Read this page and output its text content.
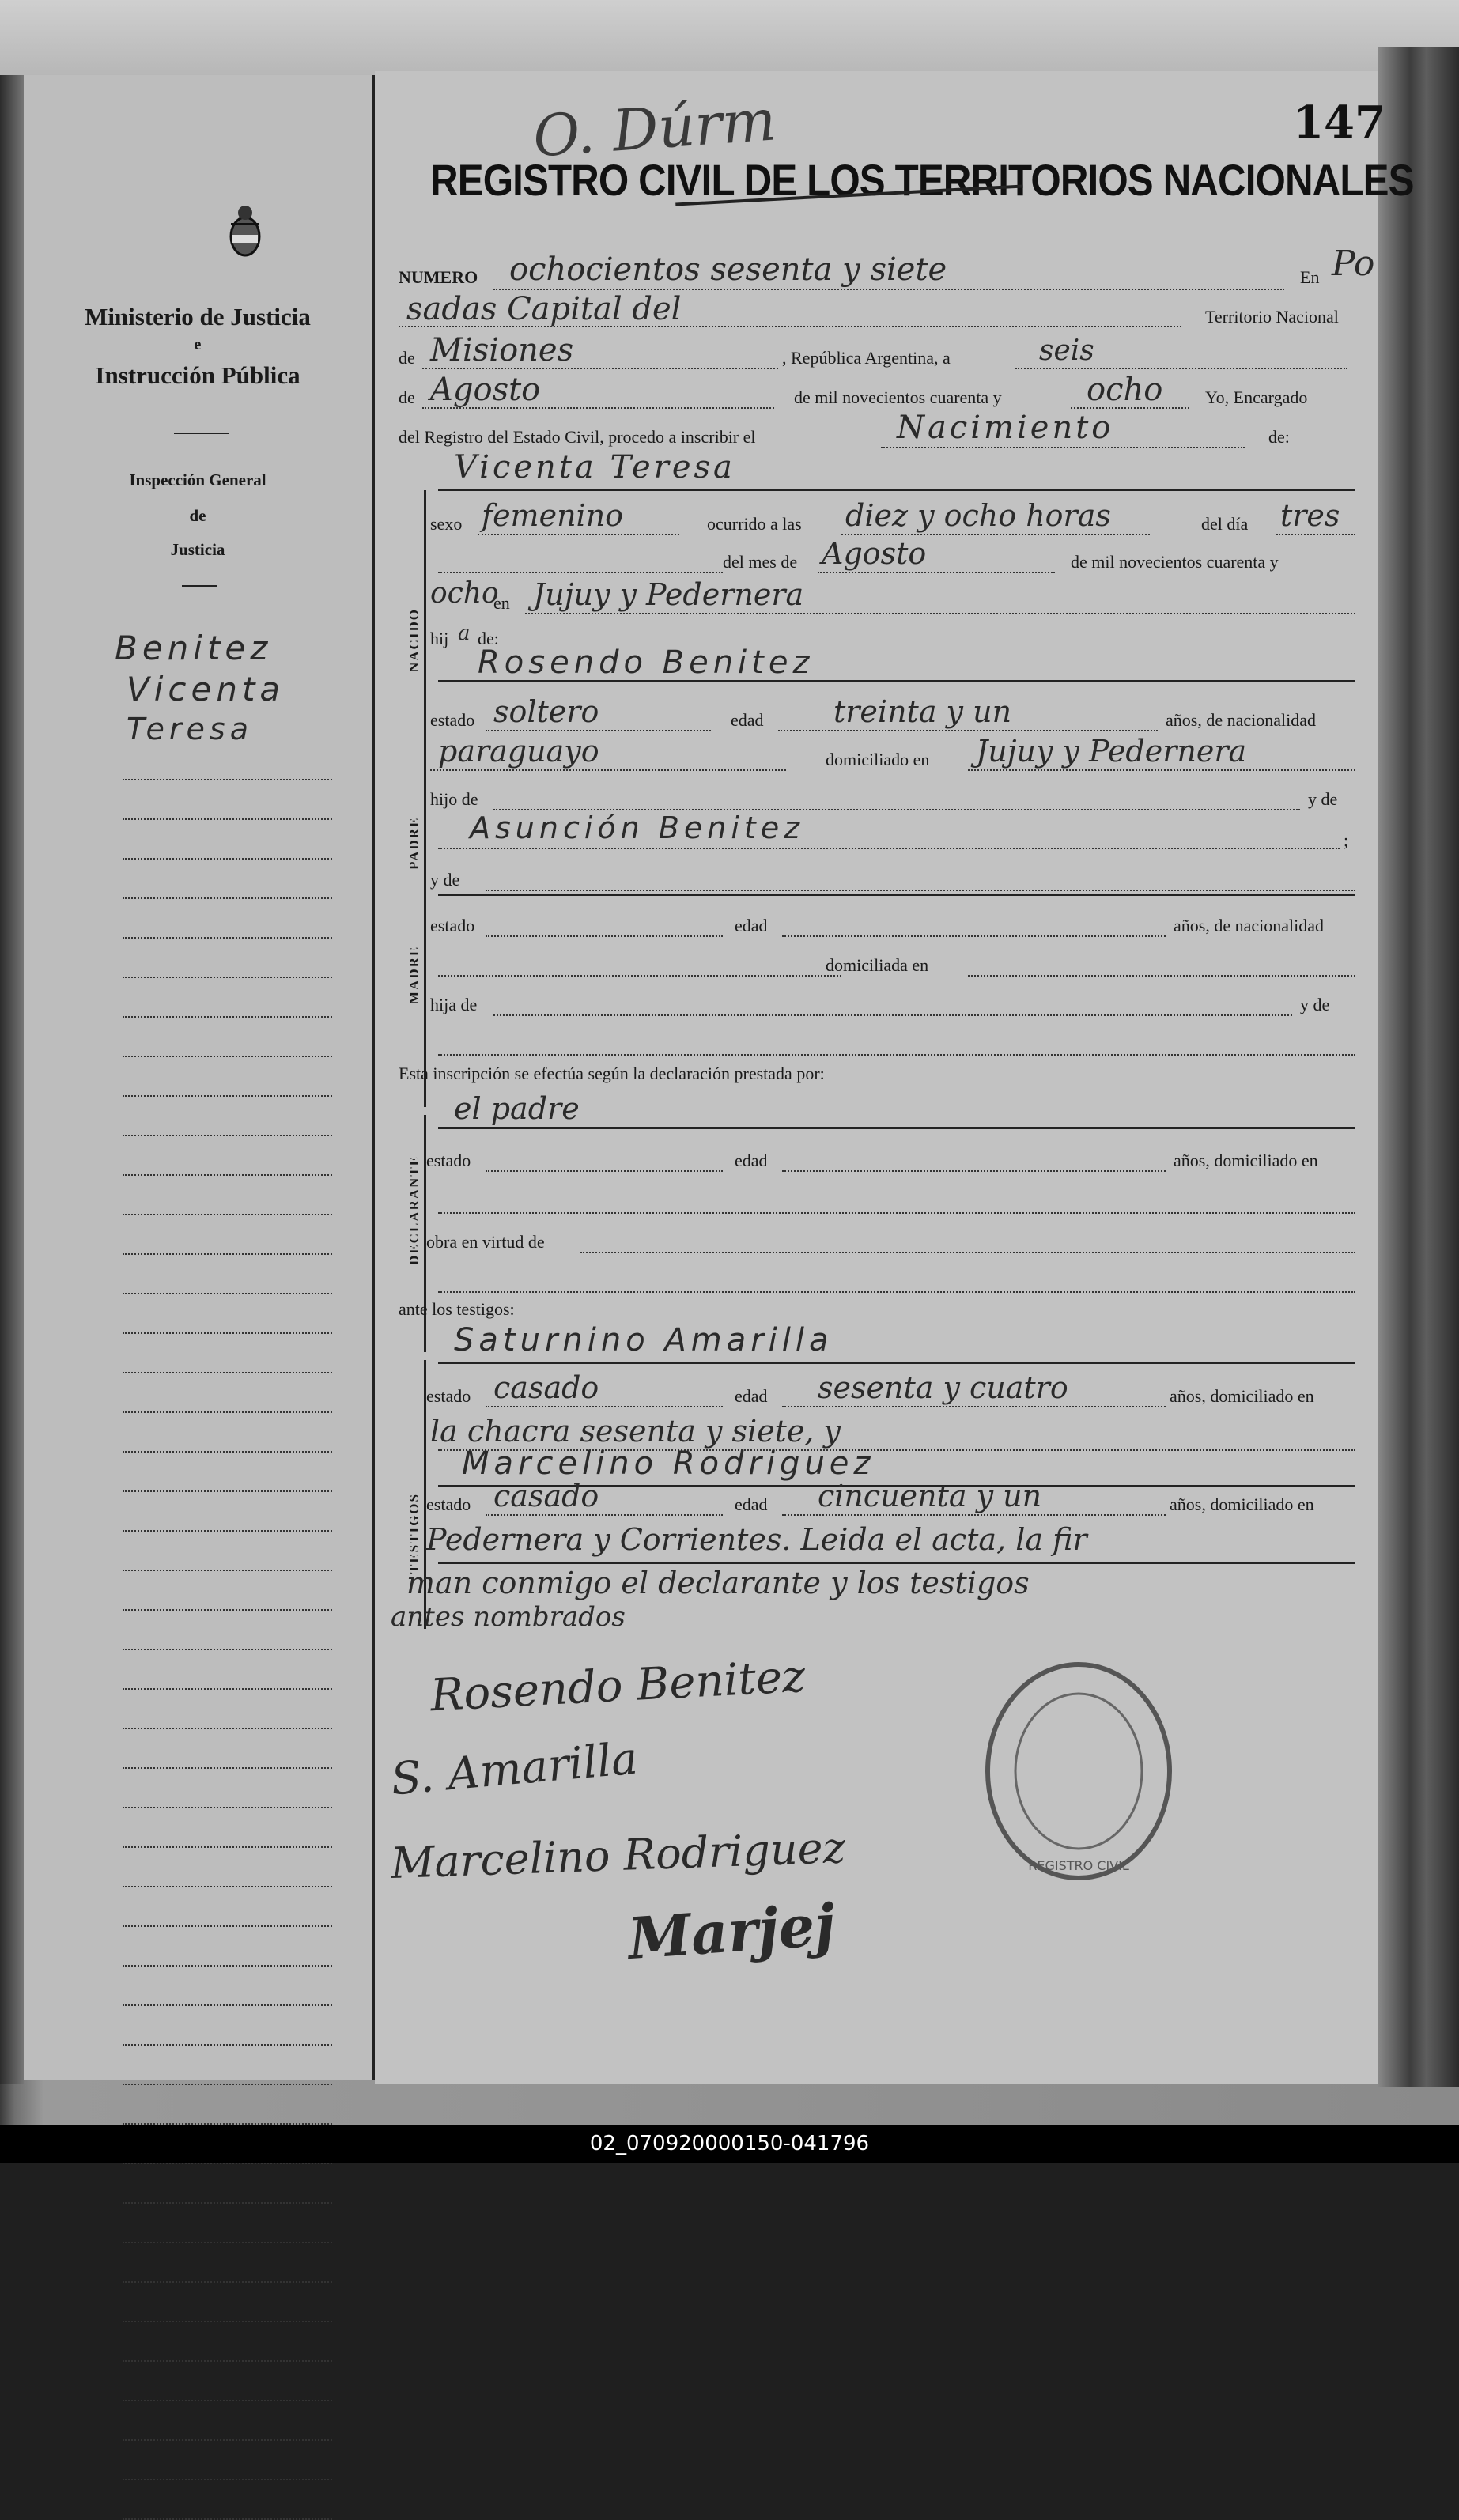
Ministerio de Justicia
e
Instrucción Pública
Inspección General
de
Justicia
Benitez
Vicenta
Teresa
147
O. Dúrm
REGISTRO CIVIL DE LOS TERRITORIOS NACIONALES
NUMERO ochocientos sesenta y siete	En Po
sadas Capital del	Territorio Nacional
de Misiones	, República Argentina, a	seis
de Agosto	de mil novecientos cuarenta y	ocho Yo, Encargado
del Registro del Estado Civil, procedo a inscribir el	Nacimiento	de:
NACIDO
Vicenta Teresa
sexo femenino	ocurrido a las diez y ocho horas	del día tres
del mes de Agosto	de mil novecientos cuarenta y
ocho
en Jujuy y Pedernera
hij a de:
PADRE
Rosendo Benitez
estado soltero	edad treinta y un	años, de nacionalidad
paraguayo	domiciliado en Jujuy y Pedernera
hijo de	y de
Asunción Benitez	;
MADRE
y de
estado	edad	años, de nacionalidad
domiciliada en
hija de	y de
Esta inscripción se efectúa según la declaración prestada por:
DECLARANTE
el padre
estado	edad	años, domiciliado en
obra en virtud de
ante los testigos:
TESTIGOS
Saturnino Amarilla
estado casado	edad sesenta y cuatro	años, domiciliado en
la chacra sesenta y siete, y
Marcelino Rodriguez
estado casado	edad cincuenta y un	años, domiciliado en
Pedernera y Corrientes. Leida el acta, la fir
man conmigo el declarante y los testigos
antes nombrados
Rosendo Benitez
S. Amarilla
Marcelino Rodriguez
Marjej
REGISTRO CIVIL
02_070920000150-041796
